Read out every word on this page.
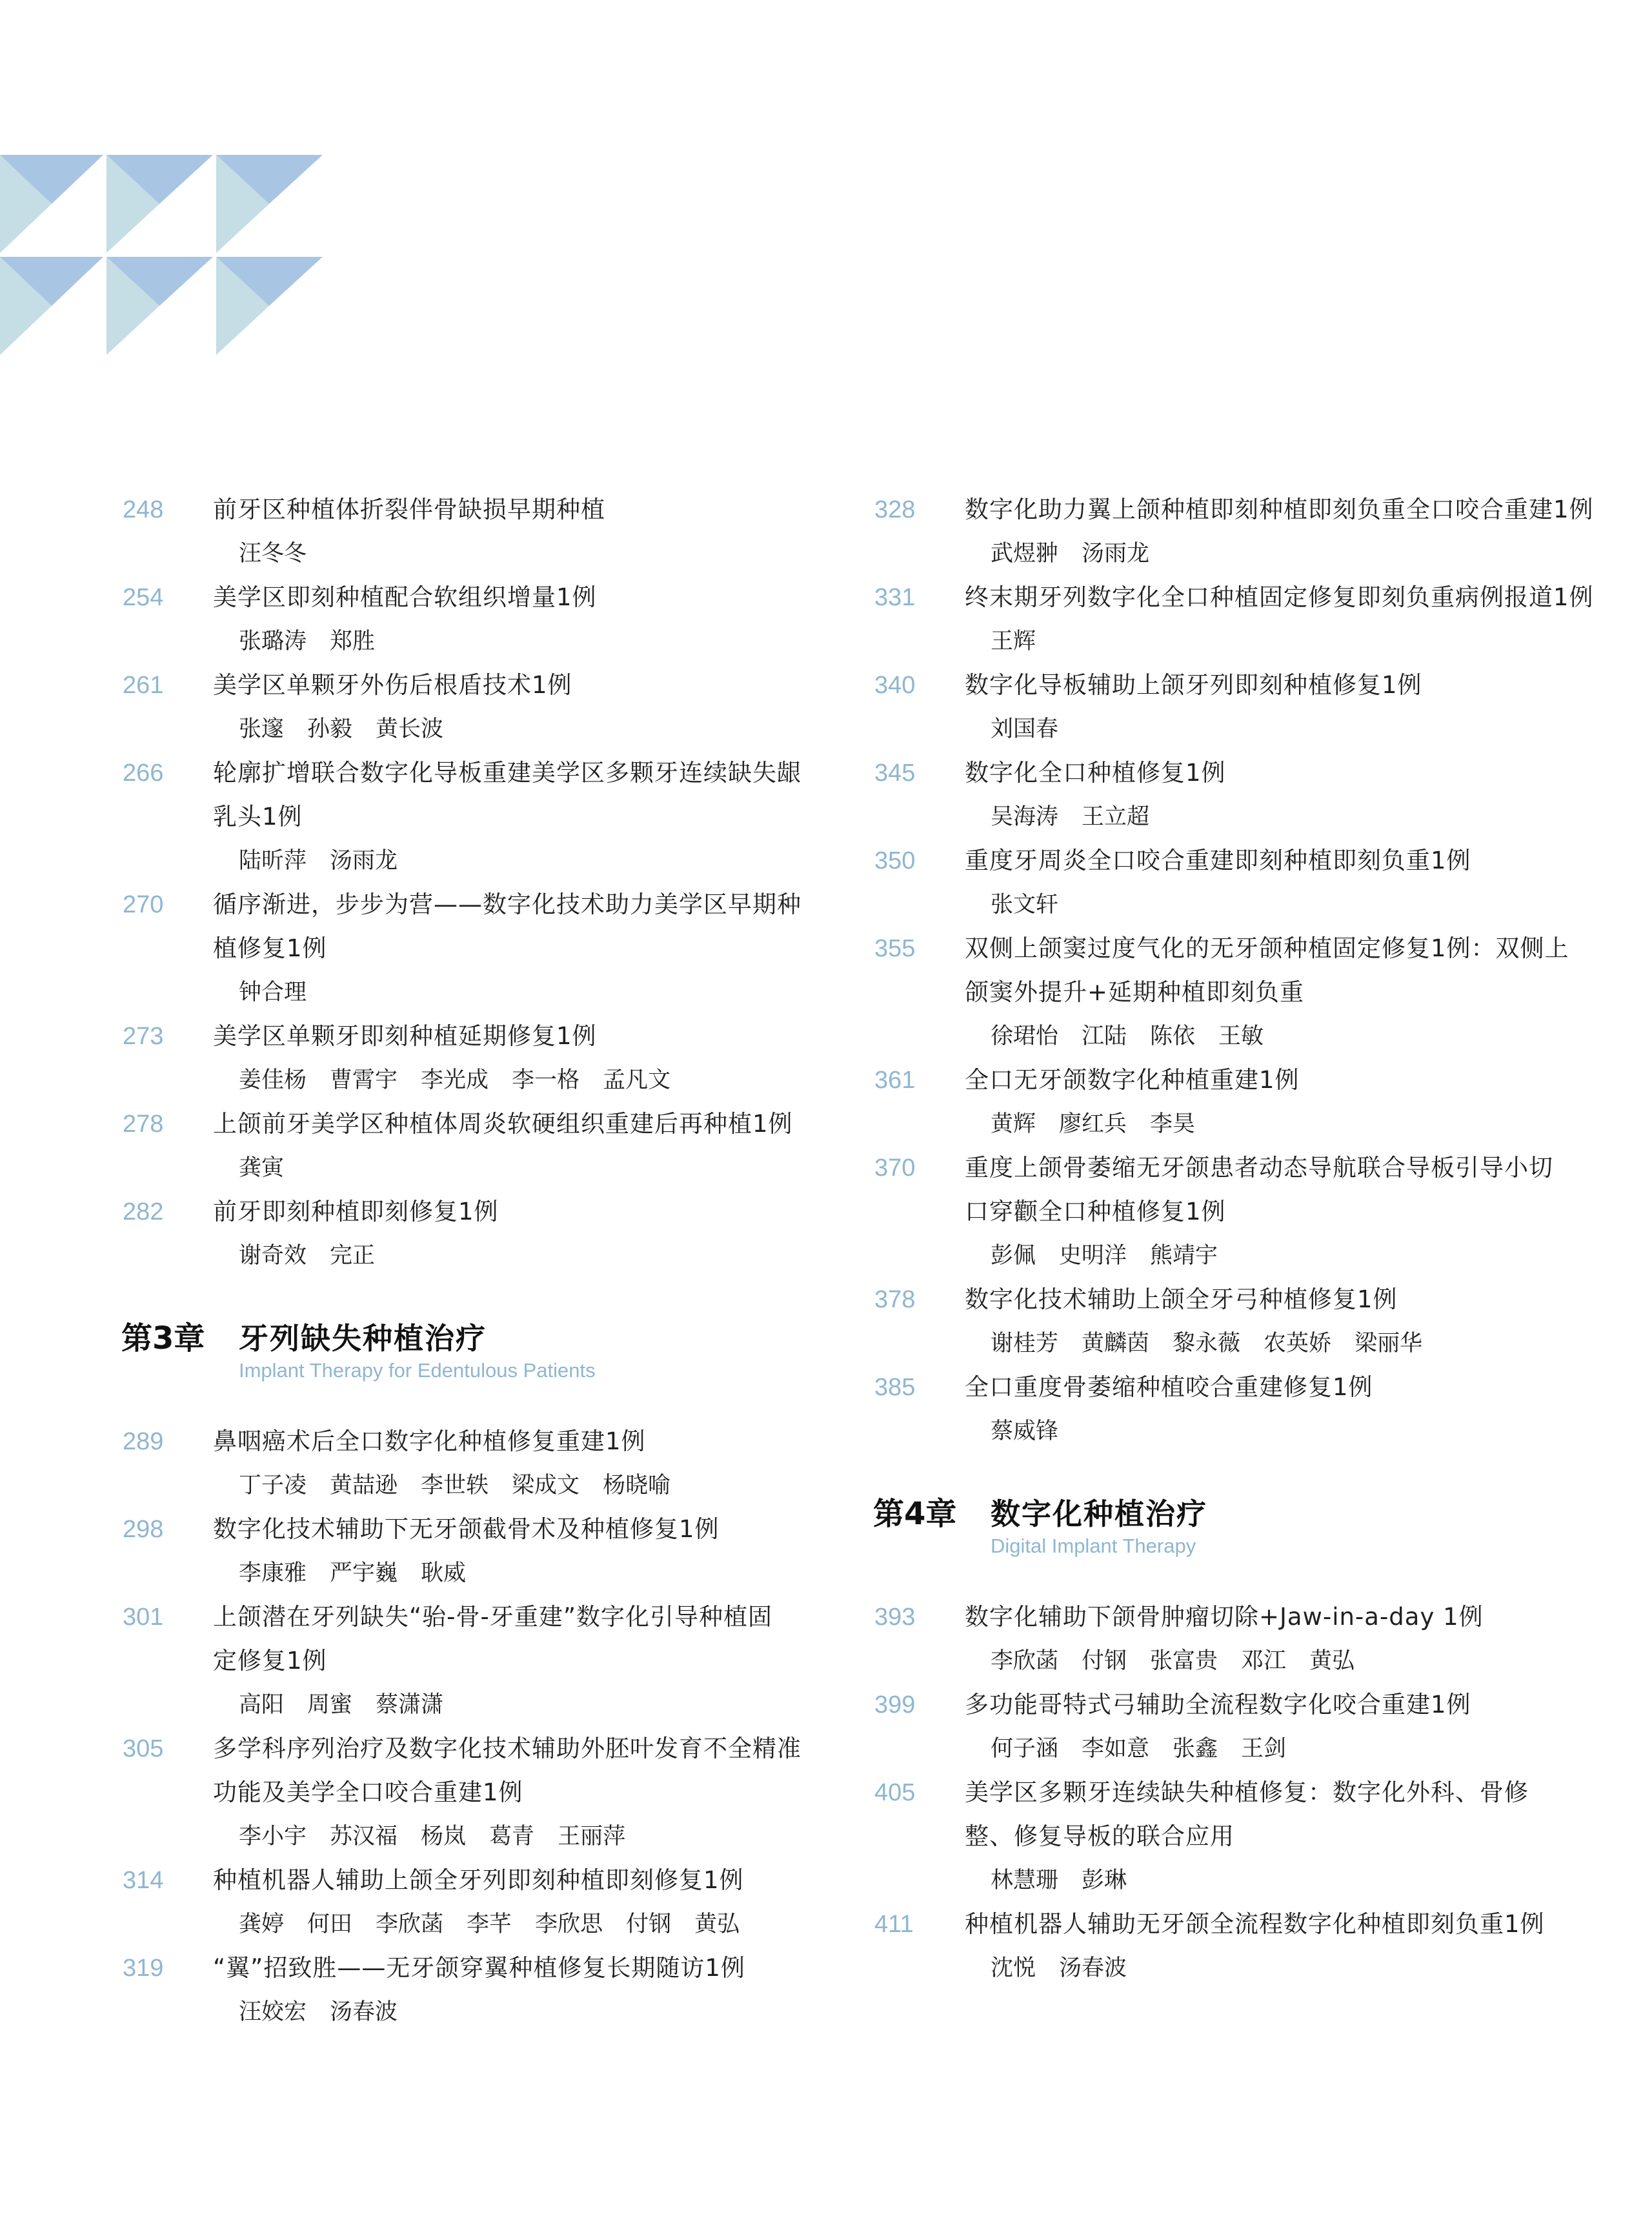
248 前牙区种植体折裂伴骨缺损早期种植
汪冬冬
254 美学区即刻种植配合软组织增量1例
张璐涛 郑胜
261 美学区单颗牙外伤后根盾技术1例
张邃 孙毅 黄长波
266 轮廓扩增联合数字化导板重建美学区多颗牙连续缺失龈
乳头1例
陆昕萍 汤雨龙
270 循序渐进，步步为营——数字化技术助力美学区早期种
植修复1例
钟合理
273 美学区单颗牙即刻种植延期修复1例
姜佳杨 曹霄宇 李光成 李一格 孟凡文
278 上颌前牙美学区种植体周炎软硬组织重建后再种植1例
龚寅
282 前牙即刻种植即刻修复1例
谢奇效 完正
第3章 牙列缺失种植治疗
Implant Therapy for Edentulous Patients
289 鼻咽癌术后全口数字化种植修复重建1例
丁子凌 黄喆逊 李世轶 梁成文 杨晓喻
298 数字化技术辅助下无牙颌截骨术及种植修复1例
李康雅 严宇巍 耿威
301 上颌潜在牙列缺失“骀-骨-牙重建”数字化引导种植固
定修复1例
高阳 周蜜 蔡潇潇
305 多学科序列治疗及数字化技术辅助外胚叶发育不全精准
功能及美学全口咬合重建1例
李小宇 苏汉福 杨岚 葛青 王丽萍
314 种植机器人辅助上颌全牙列即刻种植即刻修复1例
龚婷 何田 李欣菡 李芊 李欣思 付钢 黄弘
319 “翼”招致胜——无牙颌穿翼种植修复长期随访1例
汪姣宏 汤春波
328 数字化助力翼上颌种植即刻种植即刻负重全口咬合重建1例
武煜翀 汤雨龙
331 终末期牙列数字化全口种植固定修复即刻负重病例报道1例
王辉
340 数字化导板辅助上颌牙列即刻种植修复1例
刘国春
345 数字化全口种植修复1例
吴海涛 王立超
350 重度牙周炎全口咬合重建即刻种植即刻负重1例
张文轩
355 双侧上颌窦过度气化的无牙颌种植固定修复1例：双侧上
颌窦外提升+延期种植即刻负重
徐珺怡 江陆 陈依 王敏
361 全口无牙颌数字化种植重建1例
黄辉 廖红兵 李昊
370 重度上颌骨萎缩无牙颌患者动态导航联合导板引导小切
口穿颧全口种植修复1例
彭佩 史明洋 熊靖宇
378 数字化技术辅助上颌全牙弓种植修复1例
谢桂芳 黄麟茵 黎永薇 农英娇 梁丽华
385 全口重度骨萎缩种植咬合重建修复1例
蔡威锋
第4章 数字化种植治疗
Digital Implant Therapy
393 数字化辅助下颌骨肿瘤切除+Jaw-in-a-day 1例
李欣菡 付钢 张富贵 邓江 黄弘
399 多功能哥特式弓辅助全流程数字化咬合重建1例
何子涵 李如意 张鑫 王剑
405 美学区多颗牙连续缺失种植修复：数字化外科、骨修
整、修复导板的联合应用
林慧珊 彭琳
411 种植机器人辅助无牙颌全流程数字化种植即刻负重1例
沈悦 汤春波
